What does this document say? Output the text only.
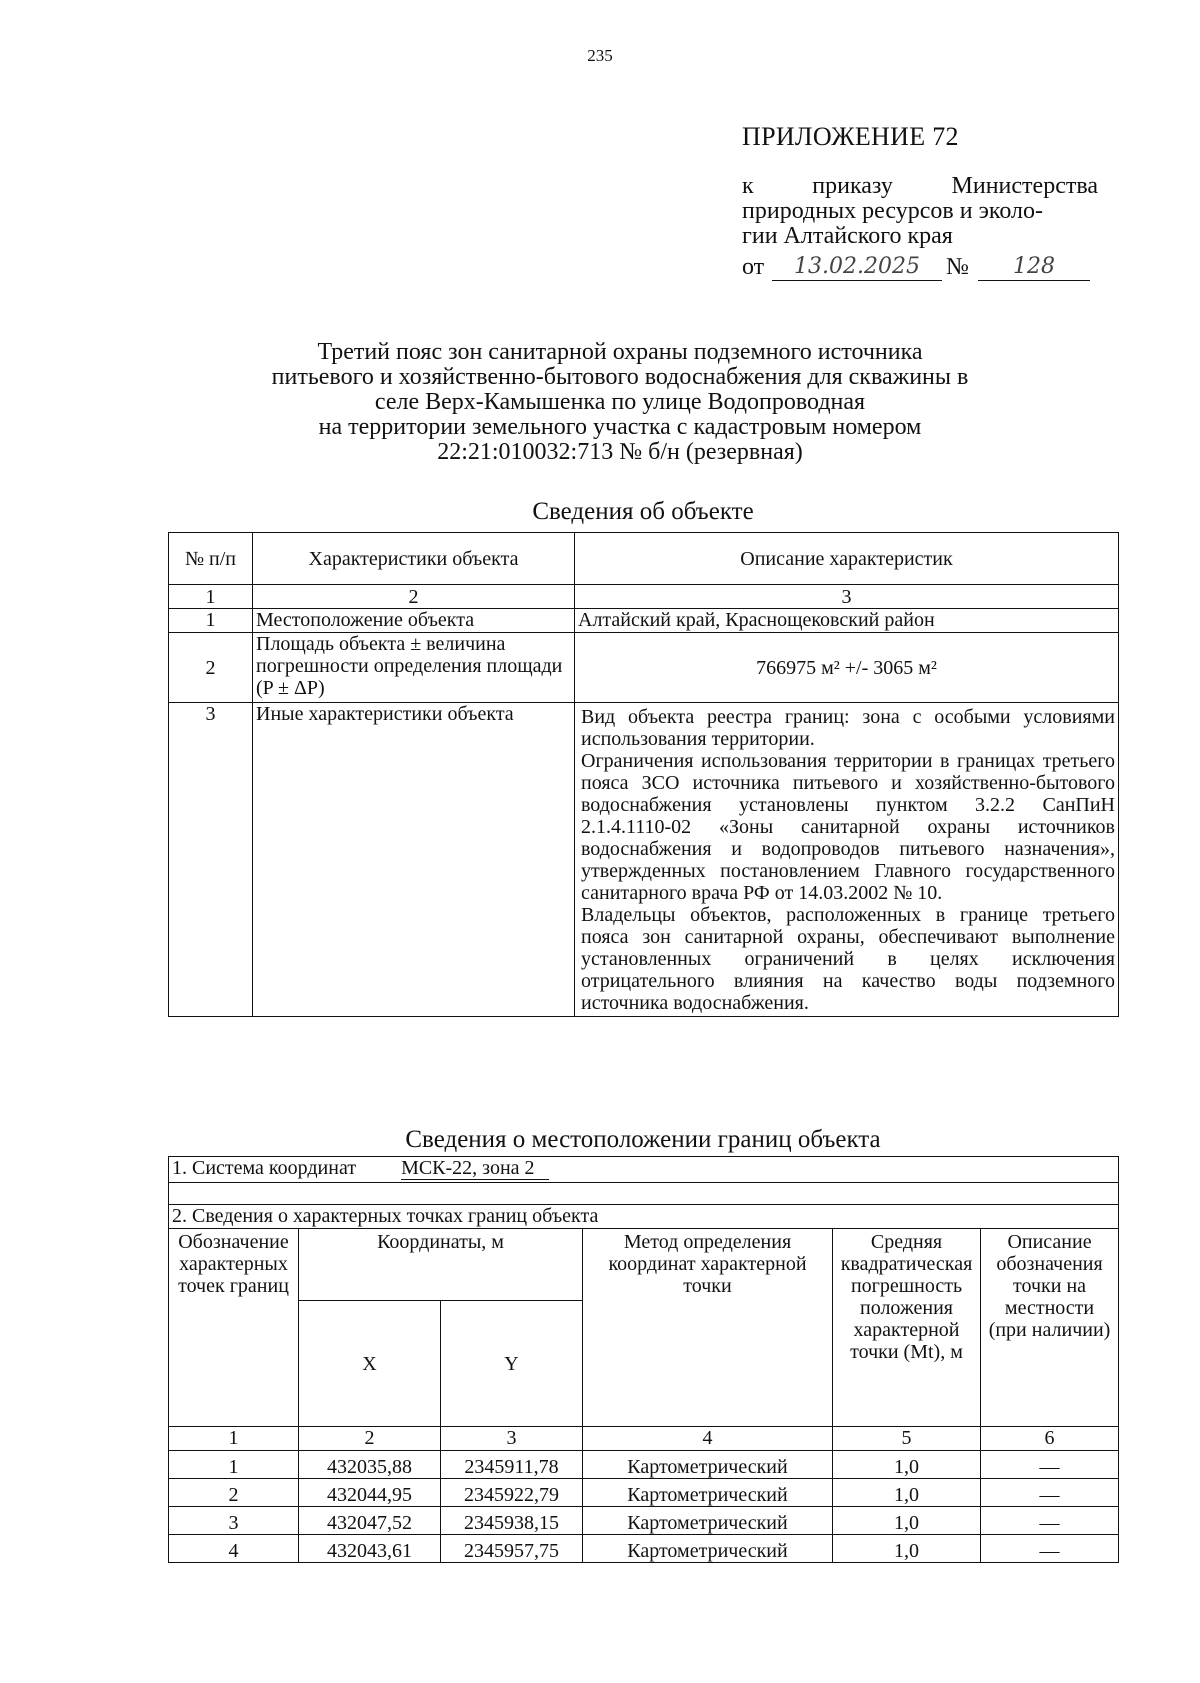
235
ПРИЛОЖЕНИЕ 72
к приказу Министерства
природных ресурсов и эколо-
гии Алтайского края
от	13.02.2025	№	128
Третий пояс зон санитарной охраны подземного источника
питьевого и хозяйственно-бытового водоснабжения для скважины в
селе Верх-Камышенка по улице Водопроводная
на территории земельного участка с кадастровым номером
22:21:010032:713 № б/н (резервная)
Сведения об объекте
№ п/п	Характеристики объекта	Описание характеристик
1	2	3
1	Местоположение объекта	Алтайский край, Краснощековский район
2	Площадь объекта ± величина погрешности определения площади (P ± ΔP)	766975 м² +/- 3065 м²
3	Иные характеристики объекта	Вид объекта реестра границ: зона с особыми условиями использования территории.

Ограничения использования территории в границах третьего пояса ЗСО источника питьевого и хозяйственно-бытового водоснабжения установлены пунктом 3.2.2 СанПиН 2.1.4.1110-02 «Зоны санитарной охраны источников водоснабжения и водопроводов питьевого назначения», утвержденных постановлением Главного государственного санитарного врача РФ от 14.03.2002 № 10.

Владельцы объектов, расположенных в границе третьего пояса зон санитарной охраны, обеспечивают выполнение установленных ограничений в целях исключения отрицательного влияния на качество воды подземного источника водоснабжения.

Сведения о местоположении границ объекта
1. Система координат МСК-22, зона 2					

2. Сведения о характерных точках границ объекта					
Обозначение характерных точек границ	Координаты, м		Метод определения координат характерной точки	Средняя квадратическая погрешность положения характерной точки (Mt), м	Описание обозначения точки на местности (при наличии)
	X	Y			
1	2	3	4	5	6
1	432035,88	2345911,78	Картометрический	1,0	—
2	432044,95	2345922,79	Картометрический	1,0	—
3	432047,52	2345938,15	Картометрический	1,0	—
4	432043,61	2345957,75	Картометрический	1,0	—
